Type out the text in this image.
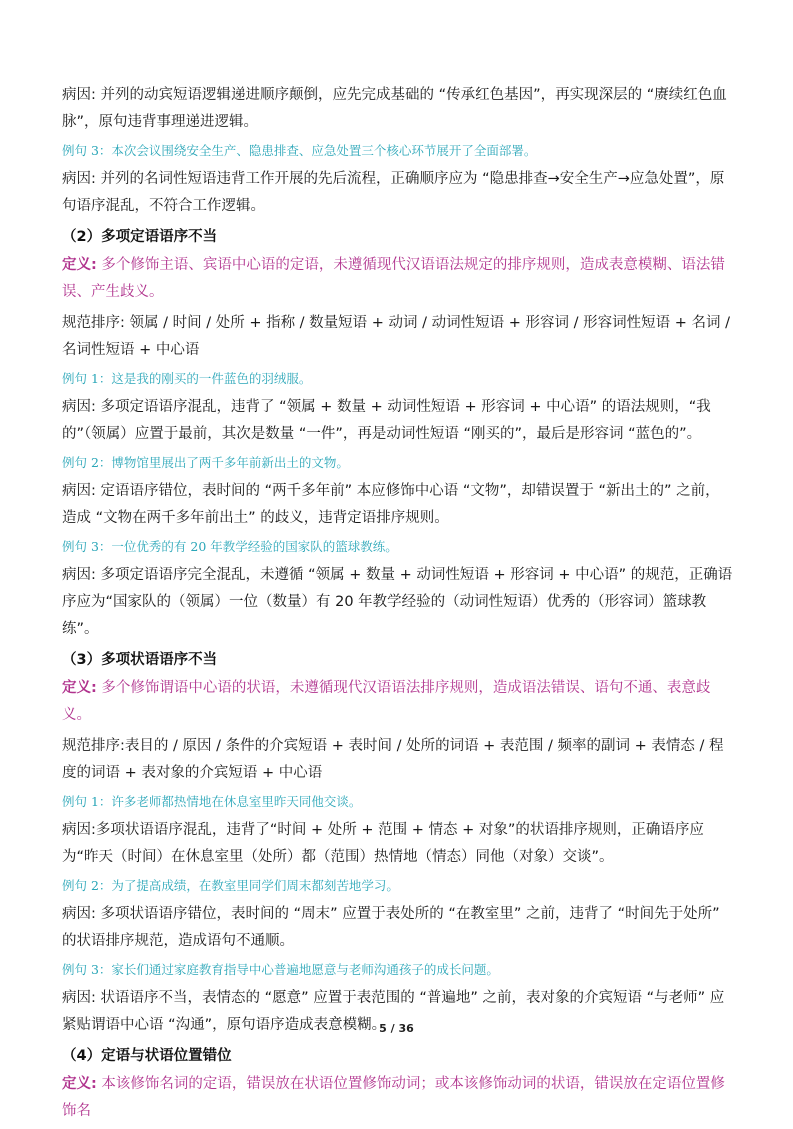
病因: 并列的动宾短语逻辑递进顺序颠倒，应先完成基础的 “传承红色基因”，再实现深层的 “赓续红色血脉”，原句违背事理递进逻辑。
例句 3：本次会议围绕安全生产、隐患排查、应急处置三个核心环节展开了全面部署。
病因: 并列的名词性短语违背工作开展的先后流程，正确顺序应为 “隐患排查→安全生产→应急处置”，原句语序混乱，不符合工作逻辑。
（2）多项定语语序不当
定义: 多个修饰主语、宾语中心语的定语，未遵循现代汉语语法规定的排序规则，造成表意模糊、语法错误、产生歧义。
规范排序: 领属 / 时间 / 处所 + 指称 / 数量短语 + 动词 / 动词性短语 + 形容词 / 形容词性短语 + 名词 / 名词性短语 + 中心语
例句 1：这是我的刚买的一件蓝色的羽绒服。
病因: 多项定语语序混乱，违背了 “领属 + 数量 + 动词性短语 + 形容词 + 中心语” 的语法规则，“我的”（领属）应置于最前，其次是数量 “一件”，再是动词性短语 “刚买的”，最后是形容词 “蓝色的”。
例句 2：博物馆里展出了两千多年前新出土的文物。
病因: 定语语序错位，表时间的 “两千多年前” 本应修饰中心语 “文物”，却错误置于 “新出土的” 之前，造成 “文物在两千多年前出土” 的歧义，违背定语排序规则。
例句 3：一位优秀的有 20 年教学经验的国家队的篮球教练。
病因: 多项定语语序完全混乱，未遵循 “领属 + 数量 + 动词性短语 + 形容词 + 中心语” 的规范，正确语序应为“国家队的（领属）一位（数量）有 20 年教学经验的（动词性短语）优秀的（形容词）篮球教练”。
（3）多项状语语序不当
定义: 多个修饰谓语中心语的状语，未遵循现代汉语语法排序规则，造成语法错误、语句不通、表意歧义。
规范排序:表目的 / 原因 / 条件的介宾短语 + 表时间 / 处所的词语 + 表范围 / 频率的副词 + 表情态 / 程度的词语 + 表对象的介宾短语 + 中心语
例句 1：许多老师都热情地在休息室里昨天同他交谈。
病因:多项状语语序混乱，违背了“时间 + 处所 + 范围 + 情态 + 对象”的状语排序规则，正确语序应为“昨天（时间）在休息室里（处所）都（范围）热情地（情态）同他（对象）交谈”。
例句 2：为了提高成绩，在教室里同学们周末都刻苦地学习。
病因: 多项状语语序错位，表时间的 “周末” 应置于表处所的 “在教室里” 之前，违背了 “时间先于处所” 的状语排序规范，造成语句不通顺。
例句 3：家长们通过家庭教育指导中心普遍地愿意与老师沟通孩子的成长问题。
病因: 状语语序不当，表情态的 “愿意” 应置于表范围的 “普遍地” 之前，表对象的介宾短语 “与老师” 应紧贴谓语中心语 “沟通”，原句语序造成表意模糊。
（4）定语与状语位置错位
定义: 本该修饰名词的定语，错误放在状语位置修饰动词；或本该修饰动词的状语，错误放在定语位置修饰名
5 / 36
